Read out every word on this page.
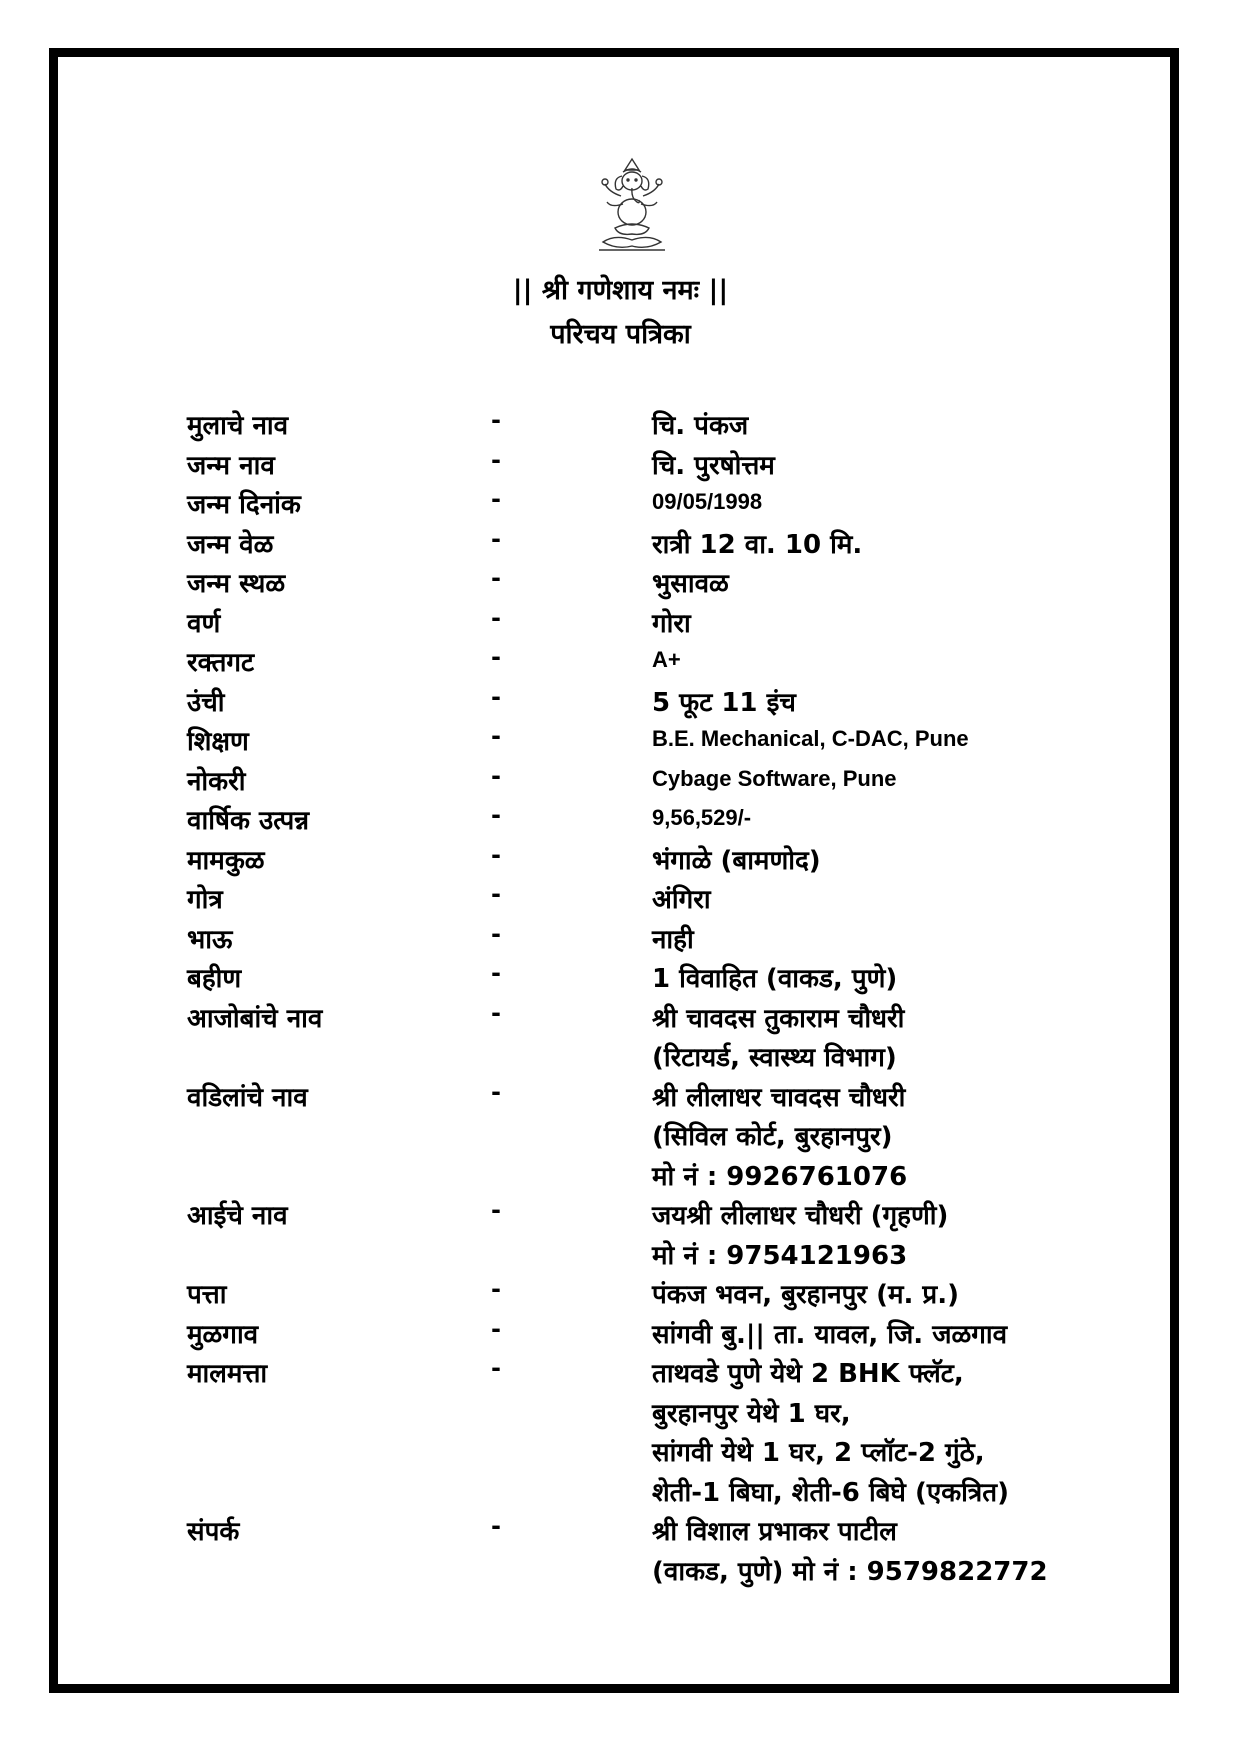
|| श्री गणेशाय नमः ||
परिचय पत्रिका
मुलाचे नाव	-	चि. पंकज
जन्म नाव	-	चि. पुरषोत्तम
जन्म दिनांक	-	09/05/1998
जन्म वेळ	-	रात्री 12 वा. 10 मि.
जन्म स्थळ	-	भुसावळ
वर्ण	-	गोरा
रक्तगट	-	A+
उंची	-	5 फूट 11 इंच
शिक्षण	-	B.E. Mechanical, C-DAC, Pune
नोकरी	-	Cybage Software, Pune
वार्षिक उत्पन्न	-	9,56,529/-
मामकुळ	-	भंगाळे (बामणोद)
गोत्र	-	अंगिरा
भाऊ	-	नाही
बहीण	-	1 विवाहित (वाकड, पुणे)
आजोबांचे नाव	-	श्री चावदस तुकाराम चौधरी
(रिटायर्ड, स्वास्थ्य विभाग)
वडिलांचे नाव	-	श्री लीलाधर चावदस चौधरी
(सिविल कोर्ट, बुरहानपुर)
मो नं : 9926761076
आईचे नाव	-	जयश्री लीलाधर चौधरी (गृहणी)
मो नं : 9754121963
पत्ता	-	पंकज भवन, बुरहानपुर (म. प्र.)
मुळगाव	-	सांगवी बु.|| ता. यावल, जि. जळगाव
मालमत्ता	-	ताथवडे पुणे येथे 2 BHK फ्लॅट,
बुरहानपुर येथे 1 घर,
सांगवी येथे 1 घर, 2 प्लॉट-2 गुंठे,
शेती-1 बिघा, शेती-6 बिघे (एकत्रित)
संपर्क	-	श्री विशाल प्रभाकर पाटील
(वाकड, पुणे) मो नं : 9579822772
